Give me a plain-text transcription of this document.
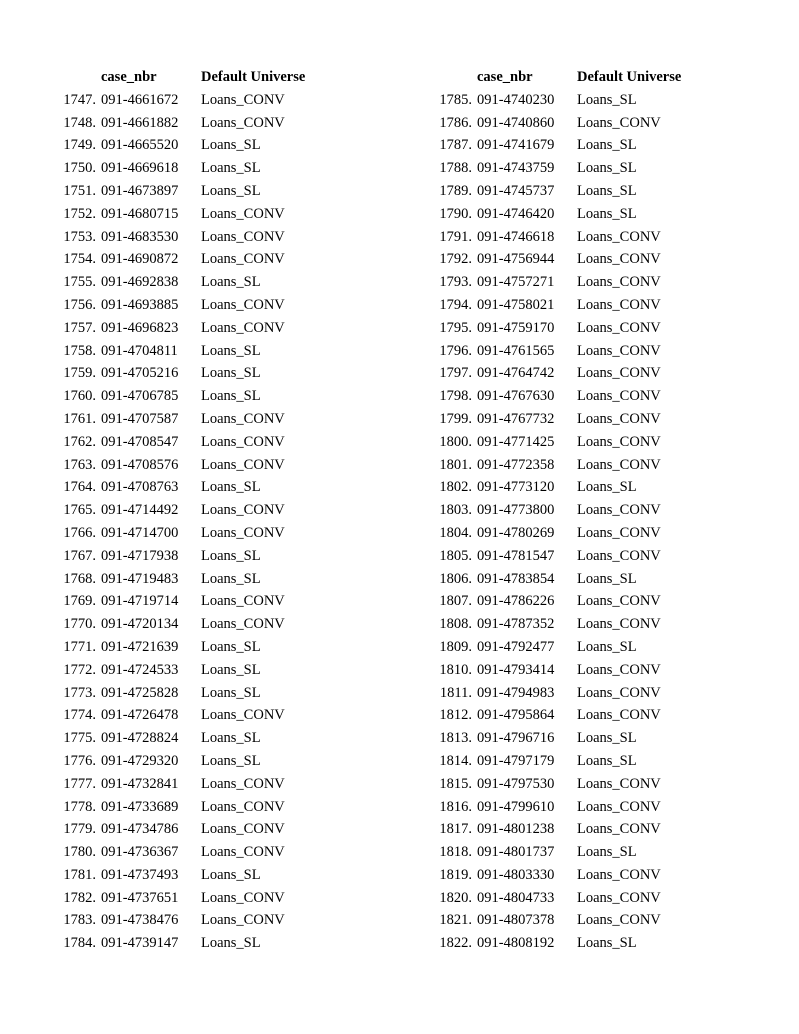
case_nbr	Default Universe
1747. 091-4661672 Loans_CONV
1748. 091-4661882 Loans_CONV
1749. 091-4665520 Loans_SL
1750. 091-4669618 Loans_SL
1751. 091-4673897 Loans_SL
1752. 091-4680715 Loans_CONV
1753. 091-4683530 Loans_CONV
1754. 091-4690872 Loans_CONV
1755. 091-4692838 Loans_SL
1756. 091-4693885 Loans_CONV
1757. 091-4696823 Loans_CONV
1758. 091-4704811 Loans_SL
1759. 091-4705216 Loans_SL
1760. 091-4706785 Loans_SL
1761. 091-4707587 Loans_CONV
1762. 091-4708547 Loans_CONV
1763. 091-4708576 Loans_CONV
1764. 091-4708763 Loans_SL
1765. 091-4714492 Loans_CONV
1766. 091-4714700 Loans_CONV
1767. 091-4717938 Loans_SL
1768. 091-4719483 Loans_SL
1769. 091-4719714 Loans_CONV
1770. 091-4720134 Loans_CONV
1771. 091-4721639 Loans_SL
1772. 091-4724533 Loans_SL
1773. 091-4725828 Loans_SL
1774. 091-4726478 Loans_CONV
1775. 091-4728824 Loans_SL
1776. 091-4729320 Loans_SL
1777. 091-4732841 Loans_CONV
1778. 091-4733689 Loans_CONV
1779. 091-4734786 Loans_CONV
1780. 091-4736367 Loans_CONV
1781. 091-4737493 Loans_SL
1782. 091-4737651 Loans_CONV
1783. 091-4738476 Loans_CONV
1784. 091-4739147 Loans_SL
case_nbr	Default Universe
1785. 091-4740230 Loans_SL
1786. 091-4740860 Loans_CONV
1787. 091-4741679 Loans_SL
1788. 091-4743759 Loans_SL
1789. 091-4745737 Loans_SL
1790. 091-4746420 Loans_SL
1791. 091-4746618 Loans_CONV
1792. 091-4756944 Loans_CONV
1793. 091-4757271 Loans_CONV
1794. 091-4758021 Loans_CONV
1795. 091-4759170 Loans_CONV
1796. 091-4761565 Loans_CONV
1797. 091-4764742 Loans_CONV
1798. 091-4767630 Loans_CONV
1799. 091-4767732 Loans_CONV
1800. 091-4771425 Loans_CONV
1801. 091-4772358 Loans_CONV
1802. 091-4773120 Loans_SL
1803. 091-4773800 Loans_CONV
1804. 091-4780269 Loans_CONV
1805. 091-4781547 Loans_CONV
1806. 091-4783854 Loans_SL
1807. 091-4786226 Loans_CONV
1808. 091-4787352 Loans_CONV
1809. 091-4792477 Loans_SL
1810. 091-4793414 Loans_CONV
1811. 091-4794983 Loans_CONV
1812. 091-4795864 Loans_CONV
1813. 091-4796716 Loans_SL
1814. 091-4797179 Loans_SL
1815. 091-4797530 Loans_CONV
1816. 091-4799610 Loans_CONV
1817. 091-4801238 Loans_CONV
1818. 091-4801737 Loans_SL
1819. 091-4803330 Loans_CONV
1820. 091-4804733 Loans_CONV
1821. 091-4807378 Loans_CONV
1822. 091-4808192 Loans_SL
